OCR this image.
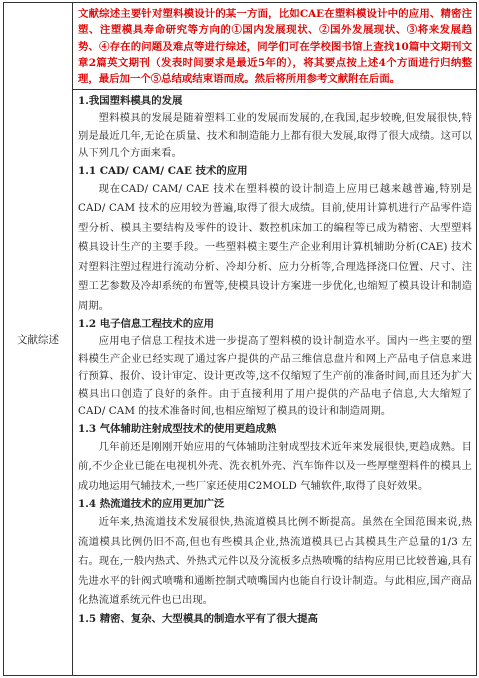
文献综述	

文献综述主要针对塑料模设计的某一方面，比如CAE在塑料模设计中的应用、精密注塑、注塑模具寿命研究等方向的①国内发展现状、②国外发展现状、③将来发展趋势、④存在的问题及难点等进行综述，同学们可在学校图书馆上查找10篇中文期刊文章2篇英文期刊（发表时间要求是最近5年的），将其要点按上述4个方面进行归纳整理，最后加一个⑤总结或结束语而成。然后将所用参考文献附在后面。

1.我国塑料模具的发展

塑料模具的发展是随着塑料工业的发展而发展的,在我国,起步较晚,但发展很快,特别是最近几年,无论在质量、技术和制造能力上都有很大发展,取得了很大成绩。这可以从下列几个方面来看。

1.1 CAD/ CAM/ CAE 技术的应用

现在CAD/ CAM/ CAE 技术在塑料模的设计制造上应用已越来越普遍,特别是CAD/ CAM 技术的应用较为普遍,取得了很大成绩。目前,使用计算机进行产品零件造型分析、模具主要结构及零件的设计、数控机床加工的编程等已成为精密、大型塑料模具设计生产的主要手段。一些塑料模主要生产企业利用计算机辅助分析(CAE) 技术对塑料注塑过程进行流动分析、冷却分析、应力分析等,合理选择浇口位置、尺寸、注塑工艺参数及冷却系统的布置等,使模具设计方案进一步优化,也缩短了模具设计和制造周期。

1.2 电子信息工程技术的应用

应用电子信息工程技术进一步提高了塑料模的设计制造水平。国内一些主要的塑料模生产企业已经实现了通过客户提供的产品三维信息盘片和网上产品电子信息来进行预算、报价、设计审定、设计更改等,这不仅缩短了生产前的准备时间,而且还为扩大模具出口创造了良好的条件。由于直接利用了用户提供的产品电子信息,大大缩短了CAD/ CAM 的技术准备时间,也相应缩短了模具的设计和制造周期。

1.3 气体辅助注射成型技术的使用更趋成熟

几年前还是刚刚开始应用的气体辅助注射成型技术近年来发展很快,更趋成熟。目前,不少企业已能在电视机外壳、洗衣机外壳、汽车饰件以及一些厚壁塑料件的模具上成功地运用气辅技术,一些厂家还使用C2MOLD 气辅软件,取得了良好效果。

1.4 热流道技术的应用更加广泛

近年来,热流道技术发展很快,热流道模具比例不断提高。虽然在全国范围来说,热流道模具比例仍旧不高,但也有些模具企业,热流道模具已占其模具生产总量的1/3 左右。现在,一般内热式、外热式元件以及分流板多点热喷嘴的结构应用已比较普遍,具有先进水平的针阀式喷嘴和通断控制式喷嘴国内也能自行设计制造。与此相应,国产商品化热流道系统元件也已出现。

1.5 精密、复杂、大型模具的制造水平有了很大提高
